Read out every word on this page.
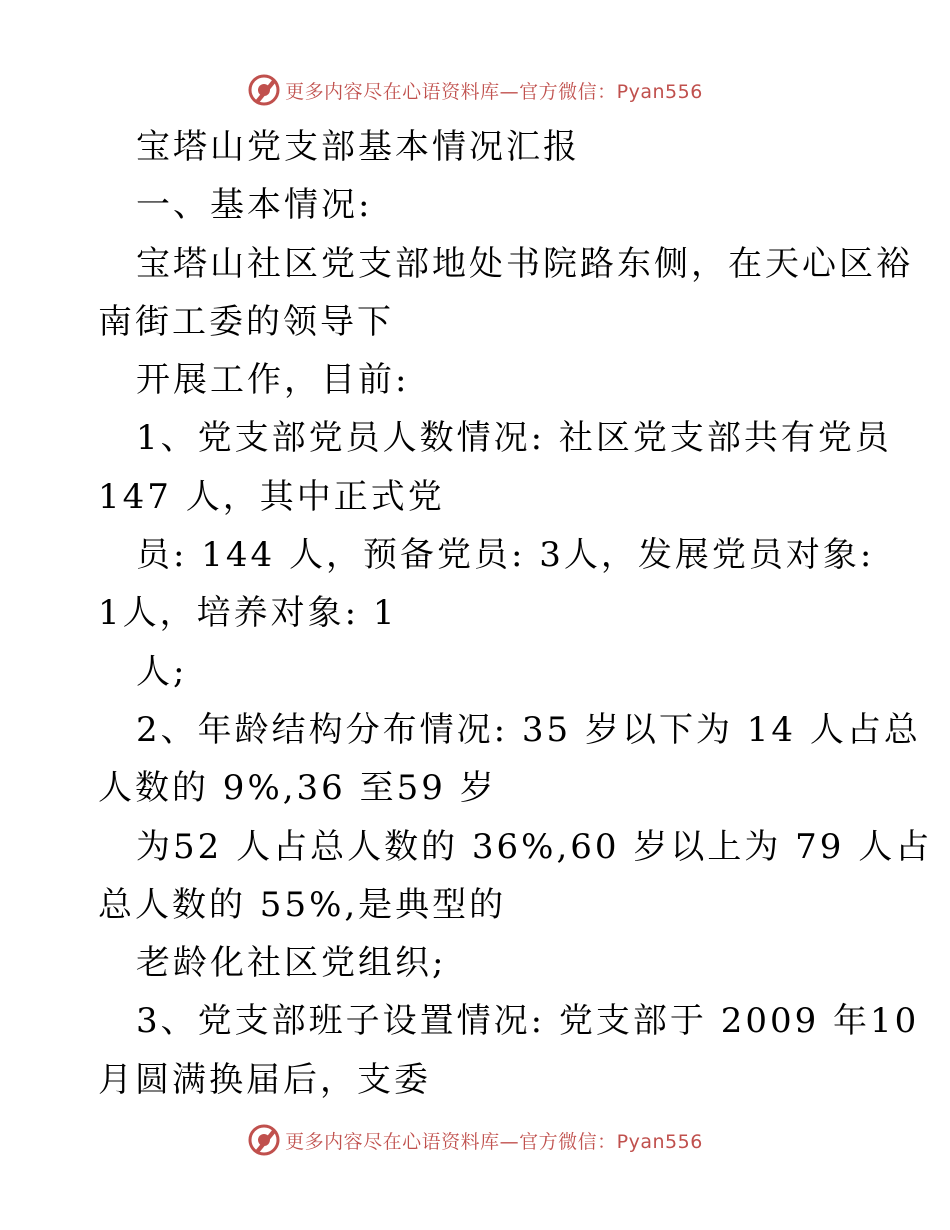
更多内容尽在心语资料库—官方微信：Pyan556
宝塔山党支部基本情况汇报
一、基本情况:
宝塔山社区党支部地处书院路东侧，在天心区裕
南街工委的领导下
开展工作，目前:
1、党支部党员人数情况: 社区党支部共有党员
147 人，其中正式党
员: 144 人，预备党员: 3人，发展党员对象:
1人，培养对象: 1
人;
2、年龄结构分布情况: 35 岁以下为 14 人占总
人数的 9%,36 至59 岁
为52 人占总人数的 36%,60 岁以上为 79 人占
总人数的 55%,是典型的
老龄化社区党组织;
3、党支部班子设置情况: 党支部于 2009 年10
月圆满换届后，支委
更多内容尽在心语资料库—官方微信：Pyan556
